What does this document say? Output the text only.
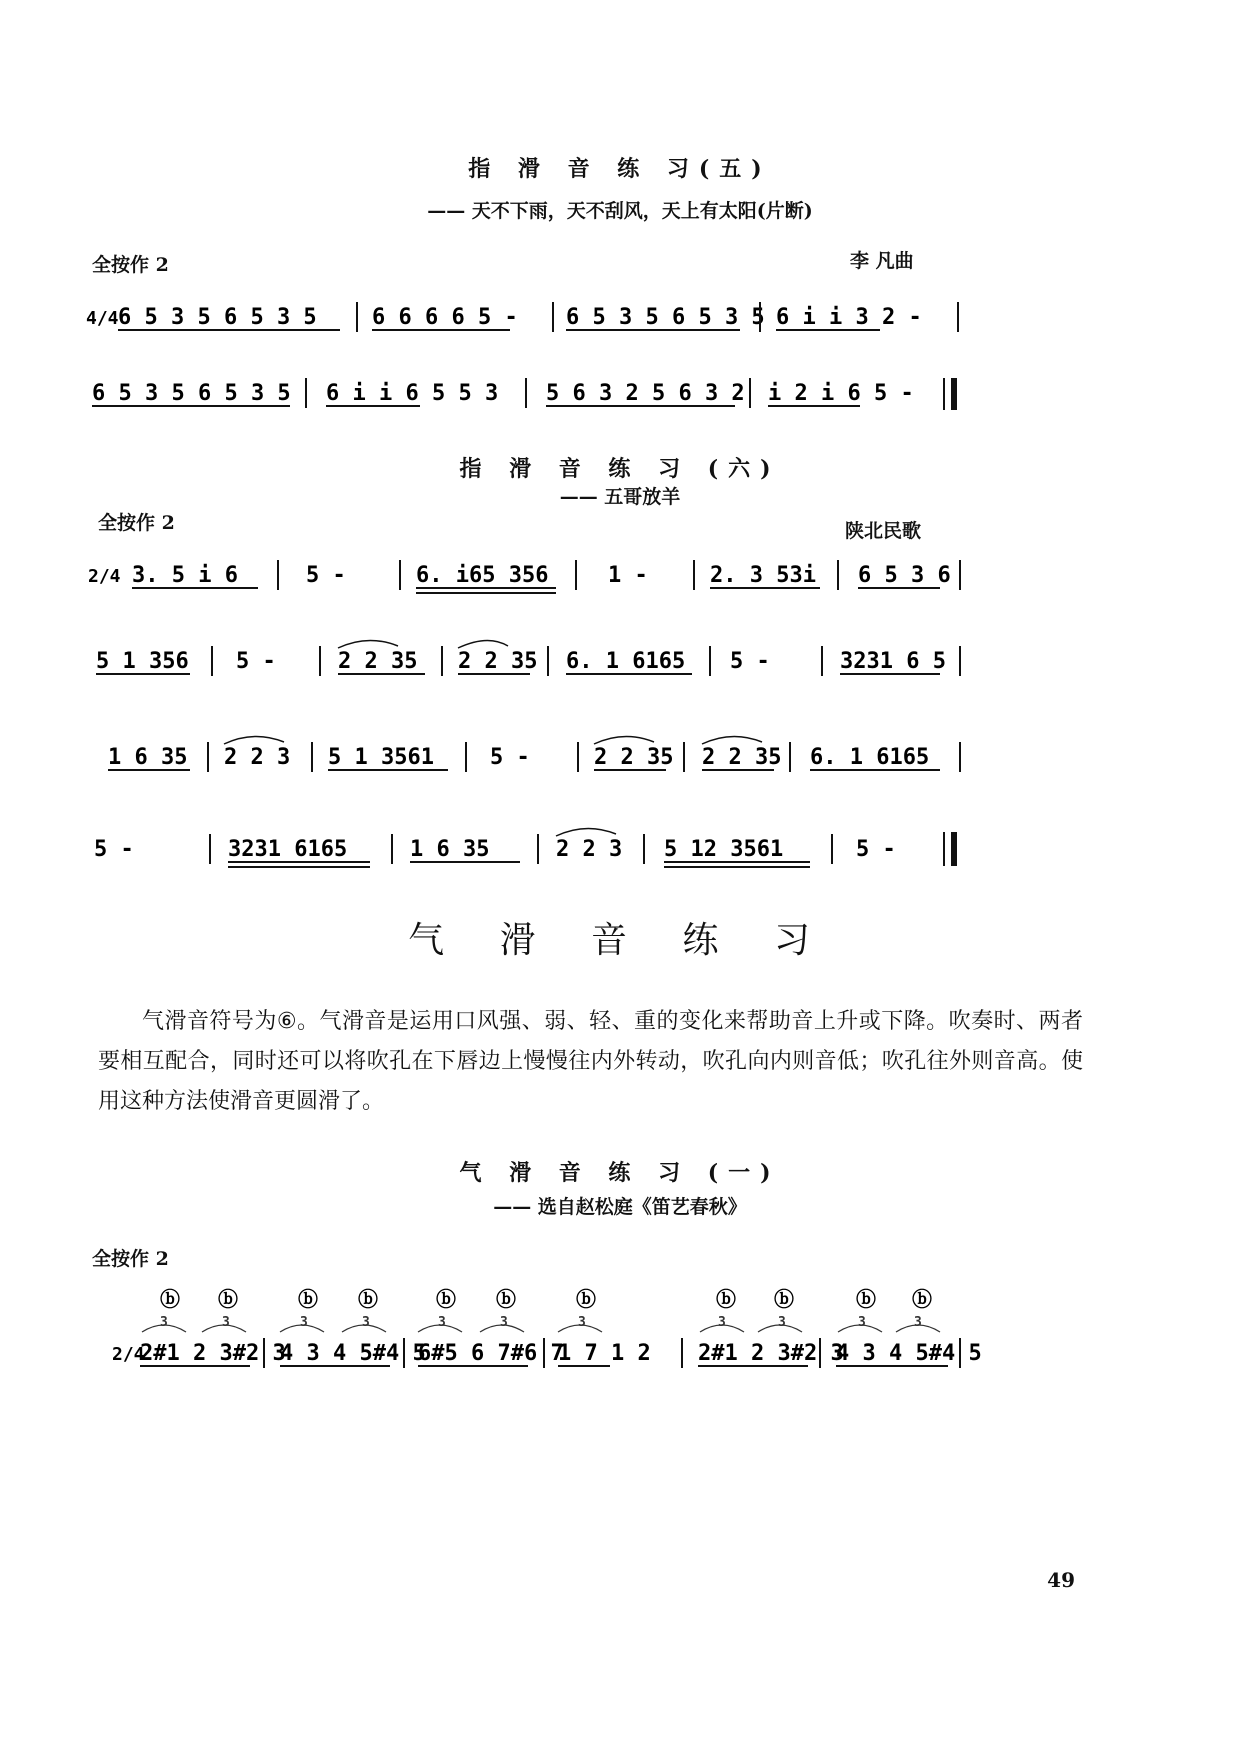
指 滑 音 练 习(五)
—— 天不下雨，天不刮风，天上有太阳(片断)
全按作 2	李 凡曲
4/4 6 5 3 5 6 5 3 5	6 6 6 6 5 - 6 5 3 5 6 5 3 5 6 i i 3 2 -
6 5 3 5 6 5 3 5 6 i i 6 5 5 3 5 6 3 2 5 6 3 2 i 2 i 6 5 -
指 滑 音 练 习 (六)
—— 五哥放羊
全按作 2	陕北民歌
2/4 3. 5 i 6	5 -	6. i65 356	1 -	2. 3 53i 6 5 3 6
5 1 356 5 -	2 2 35 2 2 35 6. 1 6165 5 -	3231 6 5
1 6 35 2 2 3 5 1 3561	5 -	2 2 35 2 2 35 6. 1 6165
5 -	3231 6165	1 6 35	2 2 3 5 12 3561	5 -
气 滑 音 练 习

气滑音符号为⑥。气滑音是运用口风强、弱、轻、重的变化来帮助音上升或下降。吹奏时、两者要相互配合，同时还可以将吹孔在下唇边上慢慢往内外转动，吹孔向内则音低；吹孔往外则音高。使用这种方法使滑音更圆滑了。

气 滑 音 练 习 (一)
—— 选自赵松庭《笛艺春秋》
全按作 2
ⓑ ⓑ	ⓑ ⓑ	ⓑ ⓑ	ⓑ	ⓑ ⓑ	ⓑ ⓑ
3	3	3	3	3	3	3	3	3	3	3
2/4
2#1 2 3#2 3
4 3 4 5#4 5
6#5 6 7#6 7
1 7 1 2 2#1 2 3#2 3
4 3 4 5#4 5
49
